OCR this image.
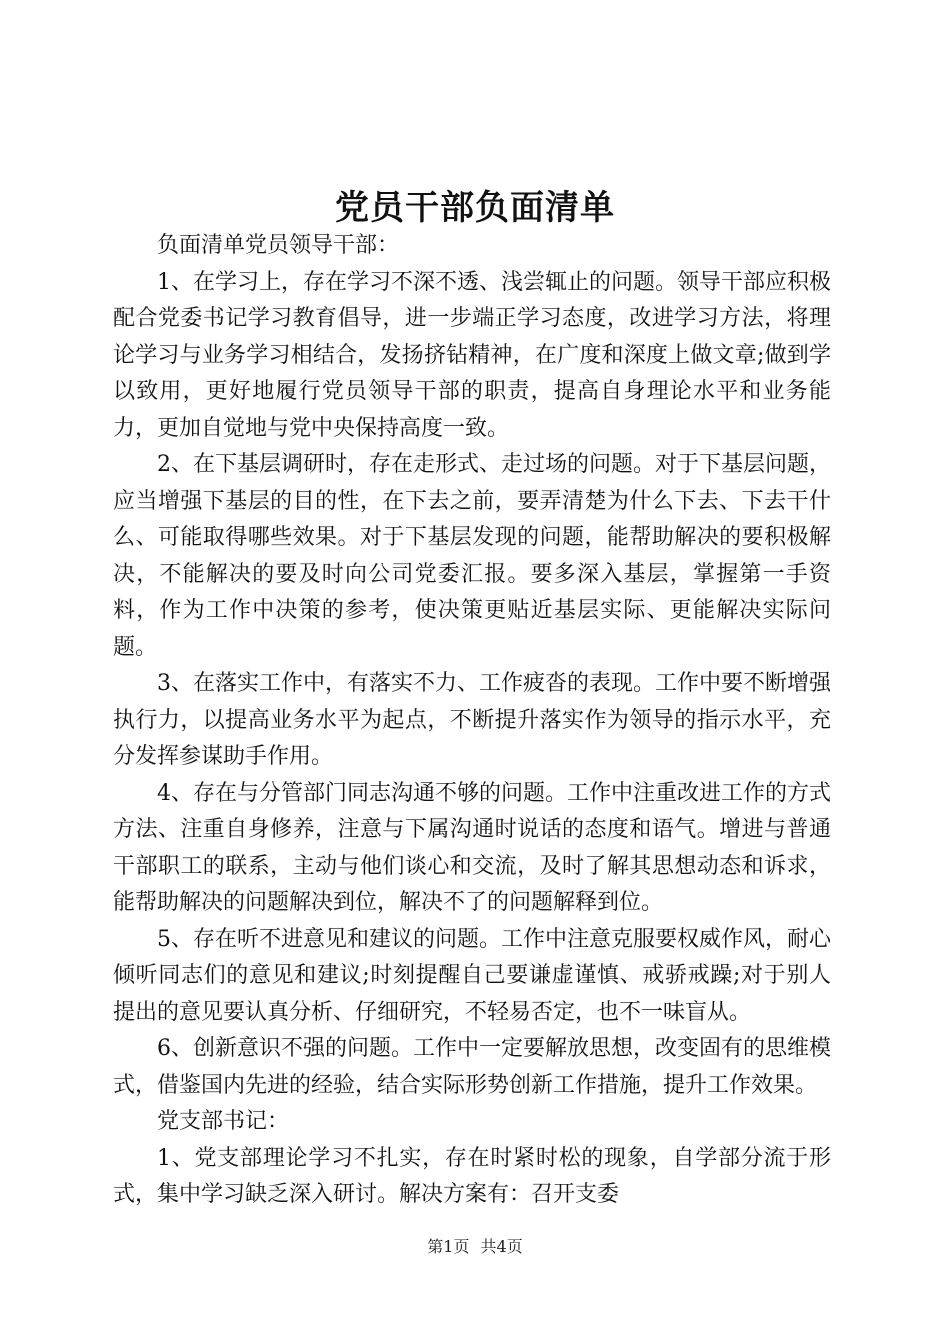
党员干部负面清单

负面清单党员领导干部：

1、在学习上，存在学习不深不透、浅尝辄止的问题。领导干部应积极配合党委书记学习教育倡导，进一步端正学习态度，改进学习方法，将理论学习与业务学习相结合，发扬挤钻精神，在广度和深度上做文章;做到学以致用，更好地履行党员领导干部的职责，提高自身理论水平和业务能力，更加自觉地与党中央保持高度一致。

2、在下基层调研时，存在走形式、走过场的问题。对于下基层问题，应当增强下基层的目的性，在下去之前，要弄清楚为什么下去、下去干什么、可能取得哪些效果。对于下基层发现的问题，能帮助解决的要积极解决，不能解决的要及时向公司党委汇报。要多深入基层，掌握第一手资料，作为工作中决策的参考，使决策更贴近基层实际、更能解决实际问题。

3、在落实工作中，有落实不力、工作疲沓的表现。工作中要不断增强执行力，以提高业务水平为起点，不断提升落实作为领导的指示水平，充分发挥参谋助手作用。

4、存在与分管部门同志沟通不够的问题。工作中注重改进工作的方式方法、注重自身修养，注意与下属沟通时说话的态度和语气。增进与普通干部职工的联系，主动与他们谈心和交流，及时了解其思想动态和诉求，能帮助解决的问题解决到位，解决不了的问题解释到位。

5、存在听不进意见和建议的问题。工作中注意克服要权威作风，耐心倾听同志们的意见和建议;时刻提醒自己要谦虚谨慎、戒骄戒躁;对于别人提出的意见要认真分析、仔细研究，不轻易否定，也不一味盲从。

6、创新意识不强的问题。工作中一定要解放思想，改变固有的思维模式，借鉴国内先进的经验，结合实际形势创新工作措施，提升工作效果。

党支部书记：

1、党支部理论学习不扎实，存在时紧时松的现象，自学部分流于形式，集中学习缺乏深入研讨。解决方案有：召开支委

第1页 共4页
